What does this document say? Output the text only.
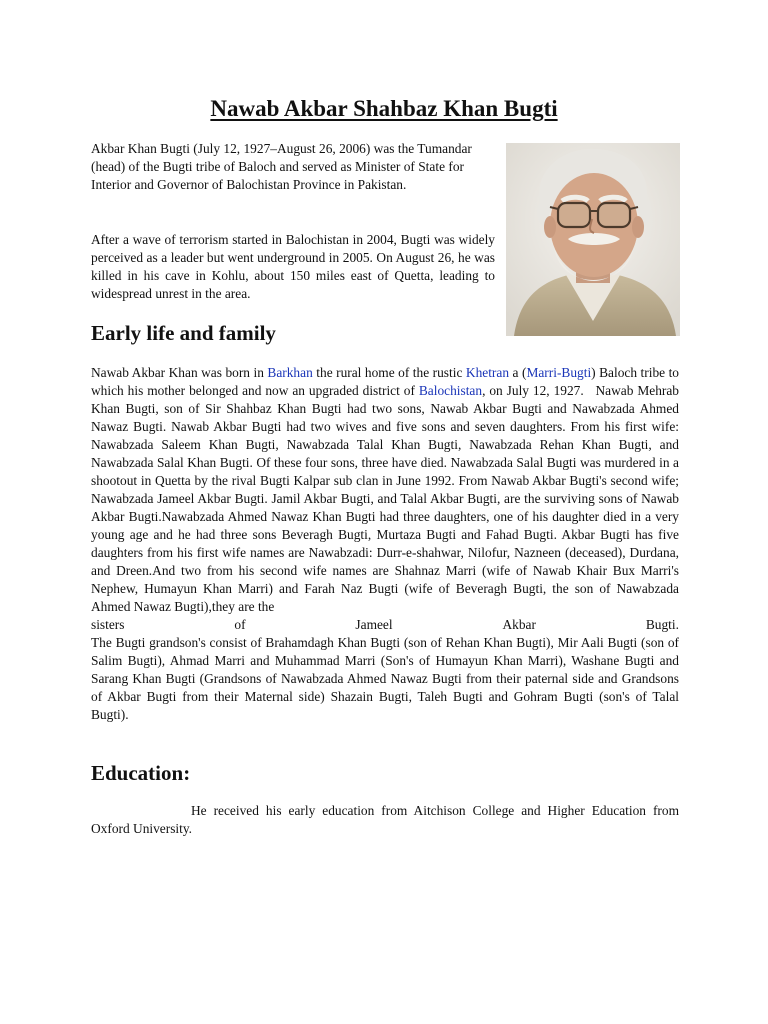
Nawab Akbar Shahbaz Khan Bugti

Akbar Khan Bugti (July 12, 1927–August 26, 2006) was the Tumandar (head) of the Bugti tribe of Baloch and served as Minister of State for Interior and Governor of Balochistan Province in Pakistan.

After a wave of terrorism started in Balochistan in 2004, Bugti was widely perceived as a leader but went underground in 2005. On August 26, he was killed in his cave in Kohlu, about 150 miles east of Quetta, leading to widespread unrest in the area.

Early life and family
Nawab Akbar Khan was born in Barkhan the rural home of the rustic Khetran a (Marri-Bugti) Baloch tribe to which his mother belonged and now an upgraded district of Balochistan, on July 12, 1927.   Nawab Mehrab Khan Bugti, son of Sir Shahbaz Khan Bugti had two sons, Nawab Akbar Bugti and Nawabzada Ahmed Nawaz Bugti. Nawab Akbar Bugti had two wives and five sons and seven daughters. From his first wife: Nawabzada Saleem Khan Bugti, Nawabzada Talal Khan Bugti, Nawabzada Rehan Khan Bugti, and Nawabzada Salal Khan Bugti. Of these four sons, three have died. Nawabzada Salal Bugti was murdered in a shootout in Quetta by the rival Bugti Kalpar sub clan in June 1992. From Nawab Akbar Bugti's second wife; Nawabzada Jameel Akbar Bugti. Jamil Akbar Bugti, and Talal Akbar Bugti, are the surviving sons of Nawab Akbar Bugti.Nawabzada Ahmed Nawaz Khan Bugti had three daughters, one of his daughter died in a very young age and he had three sons Beveragh Bugti, Murtaza Bugti and Fahad Bugti. Akbar Bugti has five daughters from his first wife names are Nawabzadi: Durr-e-shahwar, Nilofur, Nazneen (deceased), Durdana, and Dreen.And two from his second wife names are Shahnaz Marri (wife of Nawab Khair Bux Marri's Nephew, Humayun Khan Marri) and Farah Naz Bugti (wife of Beveragh Bugti, the son of Nawabzada Ahmed Nawaz Bugti),they are the
sisters	of	Jameel	Akbar	Bugti.
The Bugti grandson's consist of Brahamdagh Khan Bugti (son of Rehan Khan Bugti), Mir Aali Bugti (son of Salim Bugti), Ahmad Marri and Muhammad Marri (Son's of Humayun Khan Marri), Washane Bugti and Sarang Khan Bugti (Grandsons of Nawabzada Ahmed Nawaz Bugti from their paternal side and Grandsons of Akbar Bugti from their Maternal side) Shazain Bugti, Taleh Bugti and Gohram Bugti (son's of Talal Bugti).
Education:

He received his early education from Aitchison College and Higher Education from Oxford University.
